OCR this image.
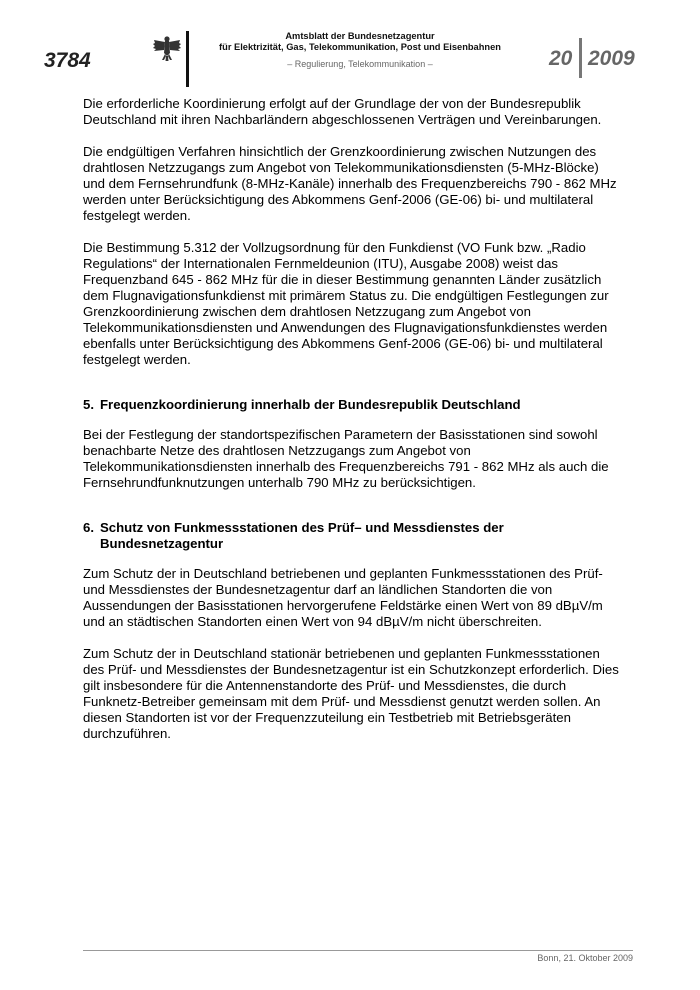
3784
Amtsblatt der Bundesnetzagentur
für Elektrizität, Gas, Telekommunikation, Post und Eisenbahnen
– Regulierung, Telekommunikation –	20 2009

Die erforderliche Koordinierung erfolgt auf der Grundlage der von der Bundesrepublik Deutschland mit ihren Nachbarländern abgeschlossenen Verträgen und Vereinbarungen.

Die endgültigen Verfahren hinsichtlich der Grenzkoordinierung zwischen Nutzungen des drahtlosen Netzzugangs zum Angebot von Telekommunikationsdiensten (5-MHz-Blöcke) und dem Fernsehrundfunk (8-MHz-Kanäle) innerhalb des Frequenzbereichs 790 - 862 MHz werden unter Berücksichtigung des Abkommens Genf-2006 (GE-06) bi- und multilateral festgelegt werden.

Die Bestimmung 5.312 der Vollzugsordnung für den Funkdienst (VO Funk bzw. „Radio Regulations“ der Internationalen Fernmeldeunion (ITU), Ausgabe 2008) weist das Frequenzband 645 - 862 MHz für die in dieser Bestimmung genannten Länder zusätzlich dem Flugnavigationsfunkdienst mit primärem Status zu. Die endgültigen Festlegungen zur Grenzkoordinierung zwischen dem drahtlosen Netzzugang zum Angebot von Telekommunikationsdiensten und Anwendungen des Flugnavigationsfunkdienstes werden ebenfalls unter Berücksichtigung des Abkommens Genf-2006 (GE-06) bi- und multilateral festgelegt werden.

5. Frequenzkoordinierung innerhalb der Bundesrepublik Deutschland

Bei der Festlegung der standortspezifischen Parametern der Basisstationen sind sowohl benachbarte Netze des drahtlosen Netzzugangs zum Angebot von Telekommunikationsdiensten innerhalb des Frequenzbereichs 791 - 862 MHz als auch die Fernsehrundfunknutzungen unterhalb 790 MHz zu berücksichtigen.

6. Schutz von Funkmessstationen des Prüf– und Messdienstes der Bundesnetzagentur

Zum Schutz der in Deutschland betriebenen und geplanten Funkmessstationen des Prüf- und Messdienstes der Bundesnetzagentur darf an ländlichen Standorten die von Aussendungen der Basisstationen hervorgerufene Feldstärke einen Wert von 89 dBµV/m und an städtischen Standorten einen Wert von 94 dBµV/m nicht überschreiten.

Zum Schutz der in Deutschland stationär betriebenen und geplanten Funkmessstationen des Prüf- und Messdienstes der Bundesnetzagentur ist ein Schutzkonzept erforderlich. Dies gilt insbesondere für die Antennenstandorte des Prüf- und Messdienstes, die durch Funknetz-Betreiber gemeinsam mit dem Prüf- und Messdienst genutzt werden sollen. An diesen Standorten ist vor der Frequenzzuteilung ein Testbetrieb mit Betriebsgeräten durchzuführen.

Bonn, 21. Oktober 2009
